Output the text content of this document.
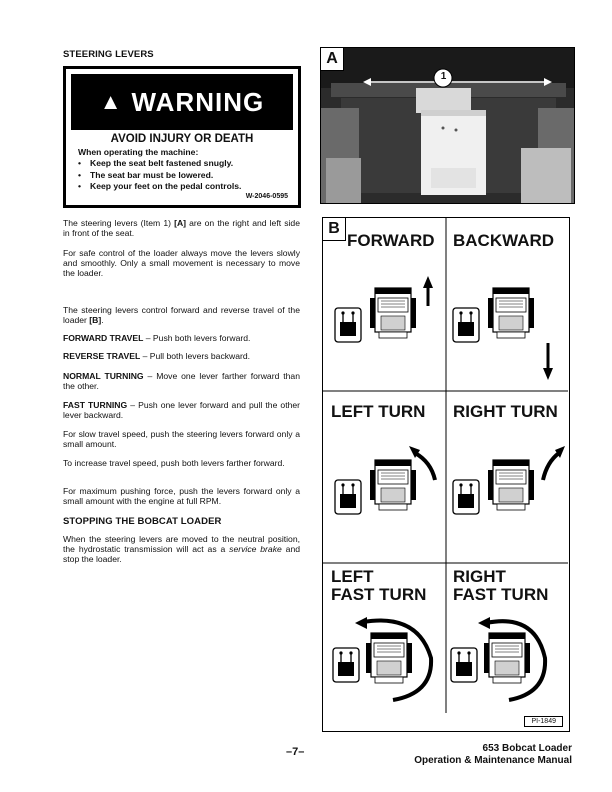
STEERING LEVERS
▲ WARNING
AVOID INJURY OR DEATH
When operating the machine:
• Keep the seat belt fastened snugly.
• The seat bar must be lowered.
• Keep your feet on the pedal controls.
W-2046-0595
The steering levers (Item 1) [A] are on the right and left side in front of the seat.
For safe control of the loader always move the levers slowly and smoothly. Only a small movement is necessary to move the loader.
The steering levers control forward and reverse travel of the loader [B].
FORWARD TRAVEL – Push both levers forward.
REVERSE TRAVEL – Pull both levers backward.
NORMAL TURNING – Move one lever farther forward than the other.
FAST TURNING – Push one lever forward and pull the other lever backward.
For slow travel speed, push the steering levers forward only a small amount.
To increase travel speed, push both levers farther forward.
For maximum pushing force, push the levers forward only a small amount with the engine at full RPM.
STOPPING THE BOBCAT LOADER
When the steering levers are moved to the neutral position, the hydrostatic transmission will act as a service brake and stop the loader.
1
A
B
FORWARD BACKWARD
LEFT TURN RIGHT TURN
LEFT
FAST TURN
RIGHT
FAST TURN
PI-1849
–7–	653 Bobcat Loader
Operation & Maintenance Manual
